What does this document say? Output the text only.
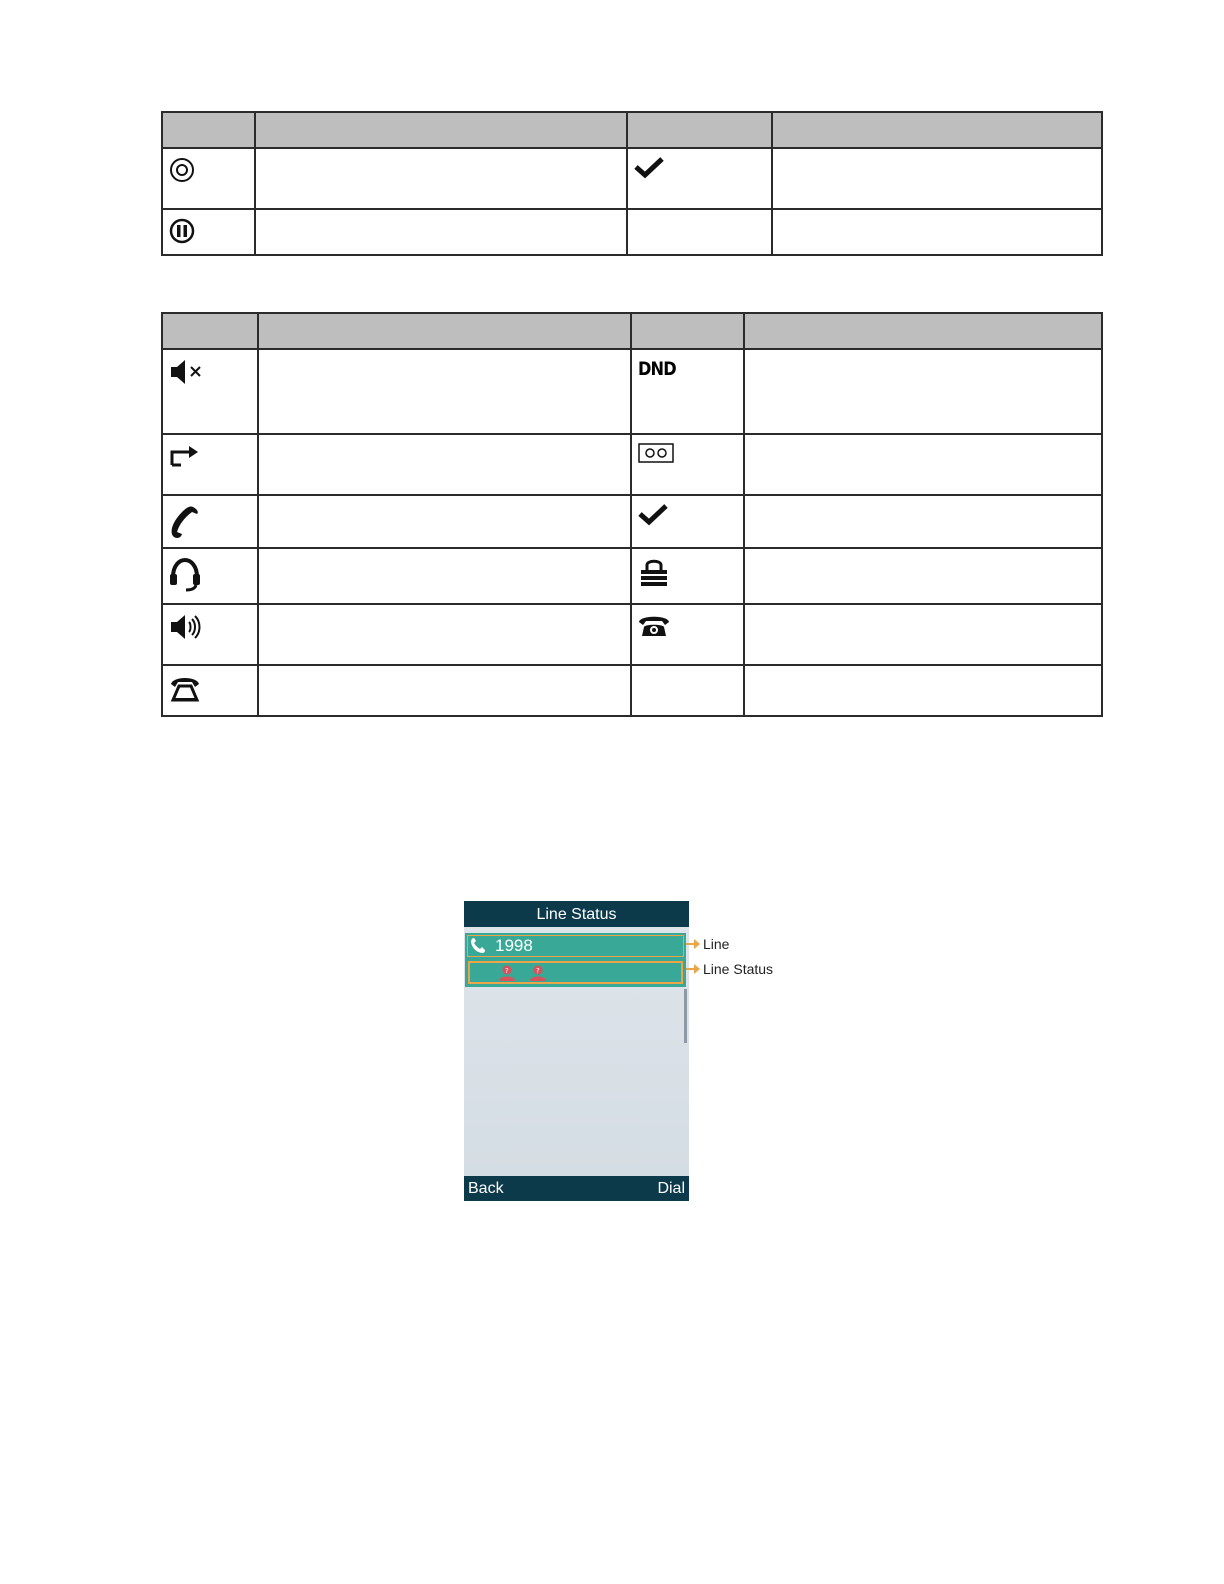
DND	

Line Status
1998
?	?
Back	Dial
Line
Line Status
